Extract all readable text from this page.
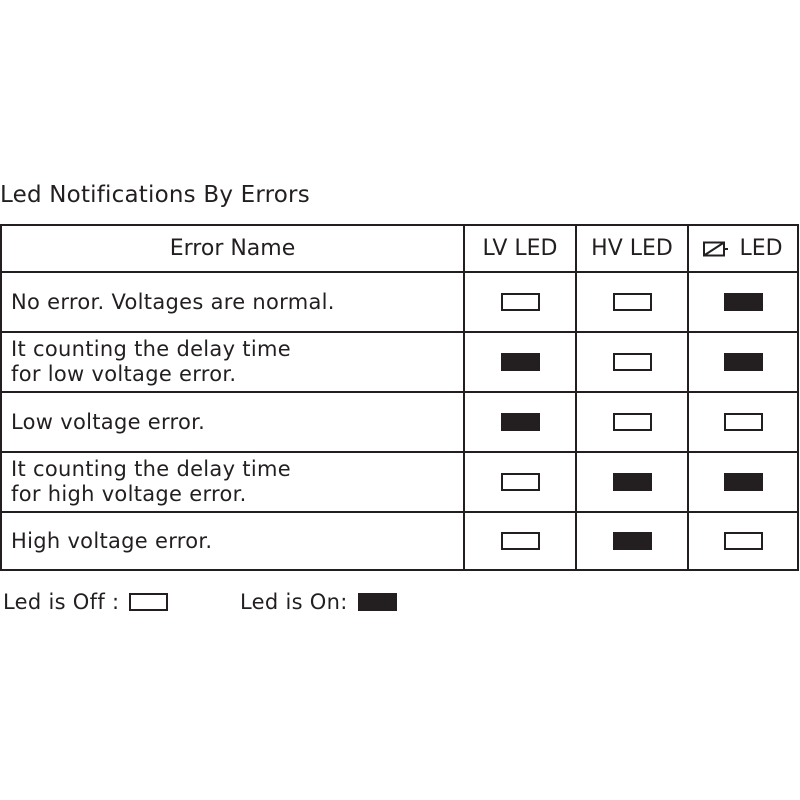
Led Notifications By Errors
Error Name	LV LED	HV LED	LED
No error. Voltages are normal.
It counting the delay time
for low voltage error.
Low voltage error.
It counting the delay time
for high voltage error.
High voltage error.
Led is Off :	Led is On:
